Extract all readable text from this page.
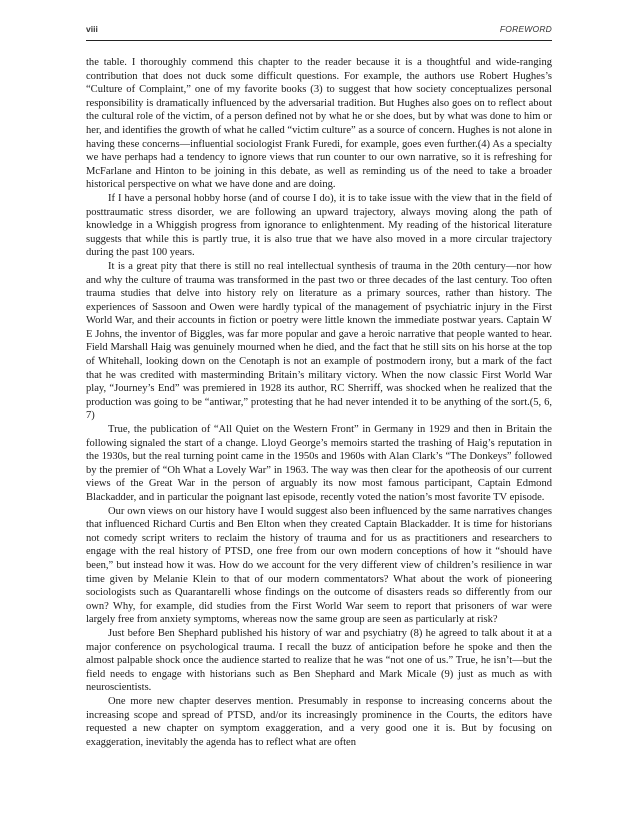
viii	FOREWORD

the table. I thoroughly commend this chapter to the reader because it is a thoughtful and wide-ranging contribution that does not duck some difficult questions. For example, the authors use Robert Hughes’s “Culture of Complaint,” one of my favorite books (3) to suggest that how society conceptualizes personal responsibility is dramatically influenced by the adversarial tradition. But Hughes also goes on to reflect about the cultural role of the victim, of a person defined not by what he or she does, but by what was done to him or her, and identifies the growth of what he called “victim culture” as a source of concern. Hughes is not alone in having these concerns—influential sociologist Frank Furedi, for example, goes even further.(4) As a specialty we have perhaps had a tendency to ignore views that run counter to our own narrative, so it is refreshing for McFarlane and Hinton to be joining in this debate, as well as reminding us of the need to take a broader historical perspective on what we have done and are doing.

If I have a personal hobby horse (and of course I do), it is to take issue with the view that in the field of posttraumatic stress disorder, we are following an upward trajectory, always moving along the path of knowledge in a Whiggish progress from ignorance to enlightenment. My reading of the historical literature suggests that while this is partly true, it is also true that we have also moved in a more circular trajectory during the past 100 years.

It is a great pity that there is still no real intellectual synthesis of trauma in the 20th century—nor how and why the culture of trauma was transformed in the past two or three decades of the last century. Too often trauma studies that delve into history rely on literature as a primary sources, rather than history. The experiences of Sassoon and Owen were hardly typical of the management of psychiatric injury in the First World War, and their accounts in fiction or poetry were little known the immediate postwar years. Captain W E Johns, the inventor of Biggles, was far more popular and gave a heroic narrative that people wanted to hear. Field Marshall Haig was genuinely mourned when he died, and the fact that he still sits on his horse at the top of Whitehall, looking down on the Cenotaph is not an example of postmodern irony, but a mark of the fact that he was credited with masterminding Britain’s military victory. When the now classic First World War play, “Journey’s End” was premiered in 1928 its author, RC Sherriff, was shocked when he realized that the production was going to be “antiwar,” protesting that he had never intended it to be anything of the sort.(5, 6, 7)

True, the publication of “All Quiet on the Western Front” in Germany in 1929 and then in Britain the following signaled the start of a change. Lloyd George’s memoirs started the trashing of Haig’s reputation in the 1930s, but the real turning point came in the 1950s and 1960s with Alan Clark’s “The Donkeys” followed by the premier of “Oh What a Lovely War” in 1963. The way was then clear for the apotheosis of our current views of the Great War in the person of arguably its now most famous participant, Captain Edmond Blackadder, and in particular the poignant last episode, recently voted the nation’s most favorite TV episode.

Our own views on our history have I would suggest also been influenced by the same narratives changes that influenced Richard Curtis and Ben Elton when they created Captain Blackadder. It is time for historians not comedy script writers to reclaim the history of trauma and for us as practitioners and researchers to engage with the real history of PTSD, one free from our own modern conceptions of how it “should have been,” but instead how it was. How do we account for the very different view of children’s resilience in war time given by Melanie Klein to that of our modern commentators? What about the work of pioneering sociologists such as Quarantarelli whose findings on the outcome of disasters reads so differently from our own? Why, for example, did studies from the First World War seem to report that prisoners of war were largely free from anxiety symptoms, whereas now the same group are seen as particularly at risk?

Just before Ben Shephard published his history of war and psychiatry (8) he agreed to talk about it at a major conference on psychological trauma. I recall the buzz of anticipation before he spoke and then the almost palpable shock once the audience started to realize that he was “not one of us.” True, he isn’t—but the field needs to engage with historians such as Ben Shephard and Mark Micale (9) just as much as with neuroscientists.

One more new chapter deserves mention. Presumably in response to increasing concerns about the increasing scope and spread of PTSD, and/or its increasingly prominence in the Courts, the editors have requested a new chapter on symptom exaggeration, and a very good one it is. But by focusing on exaggeration, inevitably the agenda has to reflect what are often
